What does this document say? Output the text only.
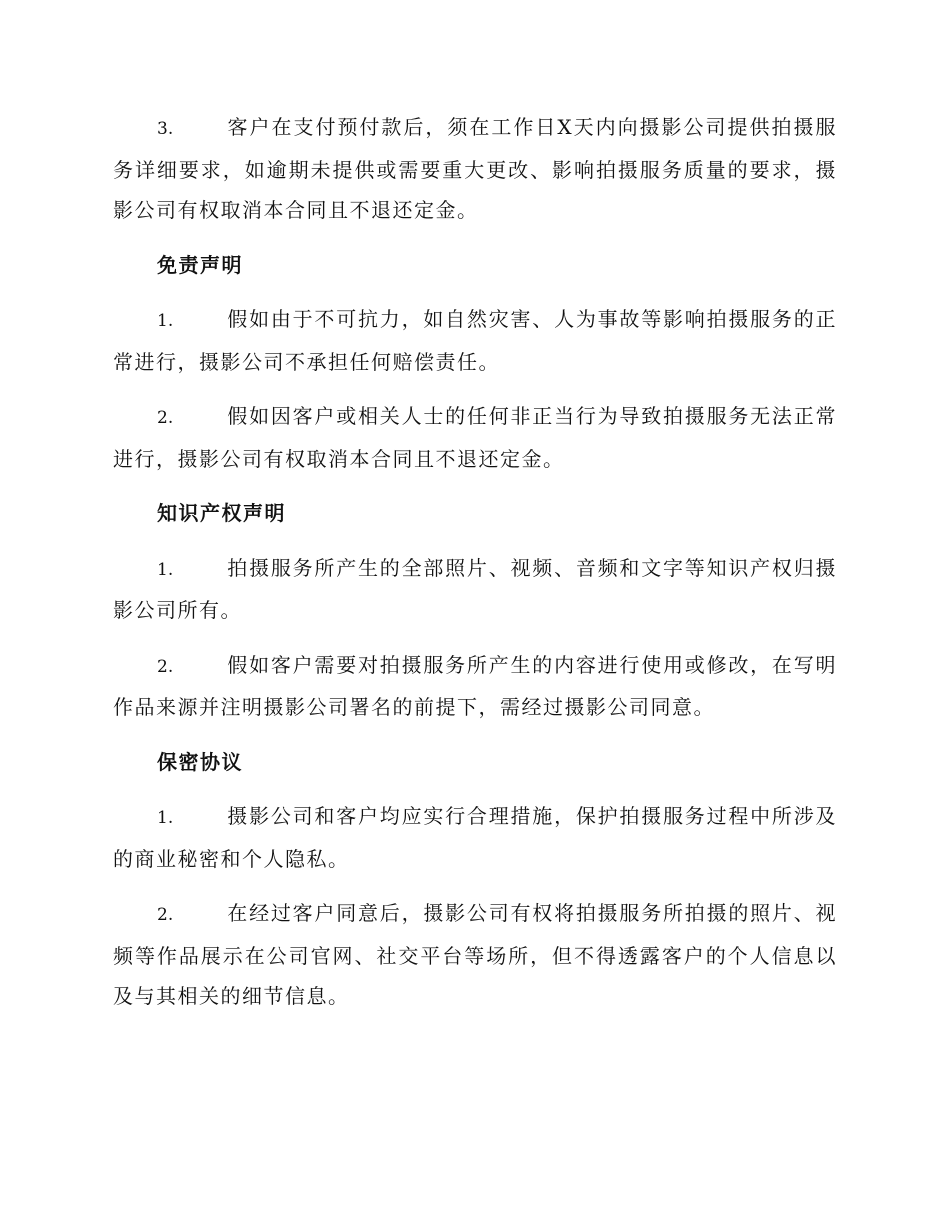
3.	客户在支付预付款后，须在工作日X天内向摄影公司提供拍摄服务详细要求，如逾期未提供或需要重大更改、影响拍摄服务质量的要求，摄影公司有权取消本合同且不退还定金。

免责声明

1.	假如由于不可抗力，如自然灾害、人为事故等影响拍摄服务的正常进行，摄影公司不承担任何赔偿责任。

2.	假如因客户或相关人士的任何非正当行为导致拍摄服务无法正常进行，摄影公司有权取消本合同且不退还定金。

知识产权声明

1.	拍摄服务所产生的全部照片、视频、音频和文字等知识产权归摄影公司所有。

2.	假如客户需要对拍摄服务所产生的内容进行使用或修改，在写明作品来源并注明摄影公司署名的前提下，需经过摄影公司同意。

保密协议

1.	摄影公司和客户均应实行合理措施，保护拍摄服务过程中所涉及的商业秘密和个人隐私。

2.	在经过客户同意后，摄影公司有权将拍摄服务所拍摄的照片、视频等作品展示在公司官网、社交平台等场所，但不得透露客户的个人信息以及与其相关的细节信息。
